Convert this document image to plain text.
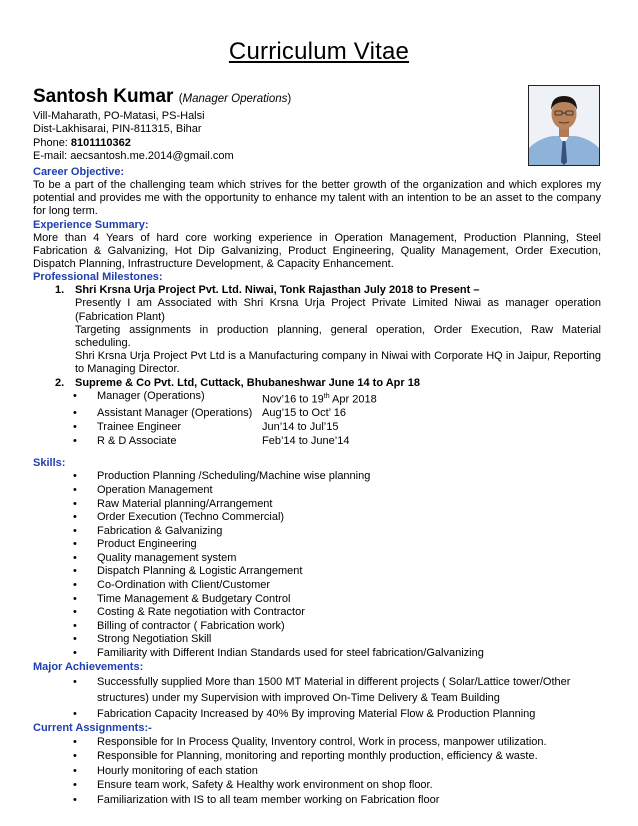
Curriculum Vitae
Santosh Kumar (Manager Operations)
Vill-Maharath, PO-Matasi, PS-Halsi
Dist-Lakhisarai, PIN-811315, Bihar
Phone: 8101110362
E-mail: aecsantosh.me.2014@gmail.com
Career Objective:
To be a part of the challenging team which strives for the better growth of the organization and which explores my potential and provides me with the opportunity to enhance my talent with an intention to be an asset to the company for long term.
Experience Summary:
More than 4 Years of hard core working experience in Operation Management, Production Planning, Steel Fabrication & Galvanizing, Hot Dip Galvanizing, Product Engineering, Quality Management, Order Execution, Dispatch Planning, Infrastructure Development, & Capacity Enhancement.
Professional Milestones:
1. Shri Krsna Urja Project Pvt. Ltd. Niwai, Tonk Rajasthan July 2018 to Present –
Presently I am Associated with Shri Krsna Urja Project Private Limited Niwai as manager operation (Fabrication Plant)
Targeting assignments in production planning, general operation, Order Execution, Raw Material scheduling.
Shri Krsna Urja Project Pvt Ltd is a Manufacturing company in Niwai with Corporate HQ in Jaipur, Reporting to Managing Director.
2. Supreme & Co Pvt. Ltd, Cuttack, Bhubaneshwar June 14 to Apr 18
• Manager (Operations)	Nov’16 to 19th Apr 2018
• Assistant Manager (Operations) Aug’15 to Oct’ 16
• Trainee Engineer	Jun’14 to Jul’15
• R & D Associate	Feb’14 to June’14
Skills:
• Production Planning /Scheduling/Machine wise planning
• Operation Management
• Raw Material planning/Arrangement
• Order Execution (Techno Commercial)
• Fabrication & Galvanizing
• Product Engineering
• Quality management system
• Dispatch Planning & Logistic Arrangement
• Co-Ordination with Client/Customer
• Time Management & Budgetary Control
• Costing & Rate negotiation with Contractor
• Billing of contractor ( Fabrication work)
• Strong Negotiation Skill
• Familiarity with Different Indian Standards used for steel fabrication/Galvanizing
Major Achievements:
• Successfully supplied More than 1500 MT Material in different projects ( Solar/Lattice tower/Other structures) under my Supervision with improved On-Time Delivery & Team Building
• Fabrication Capacity Increased by 40% By improving Material Flow & Production Planning
Current Assignments:-
• Responsible for In Process Quality, Inventory control, Work in process, manpower utilization.
• Responsible for Planning, monitoring and reporting monthly production, efficiency & waste.
• Hourly monitoring of each station
• Ensure team work, Safety & Healthy work environment on shop floor.
• Familiarization with IS to all team member working on Fabrication floor
